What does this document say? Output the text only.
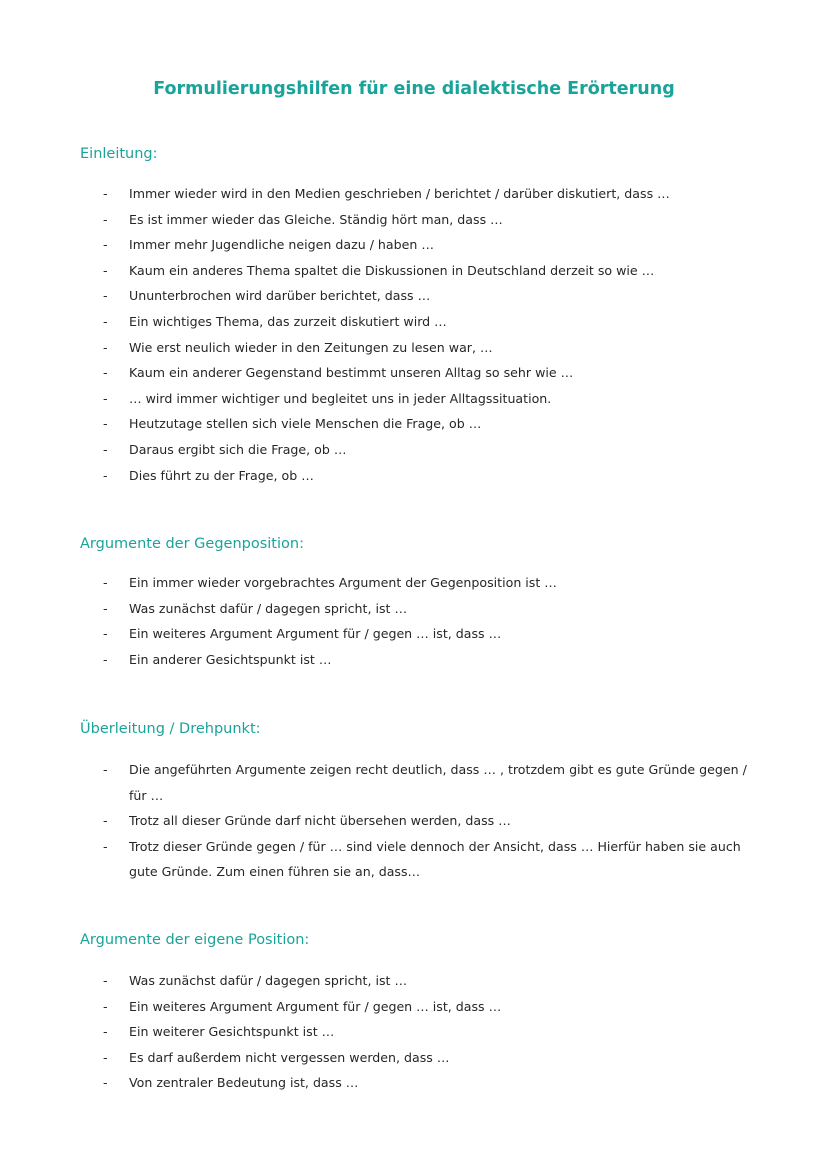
Formulierungshilfen für eine dialektische Erörterung
Einleitung:
- Immer wieder wird in den Medien geschrieben / berichtet / darüber diskutiert, dass …
- Es ist immer wieder das Gleiche. Ständig hört man, dass …
- Immer mehr Jugendliche neigen dazu / haben …
- Kaum ein anderes Thema spaltet die Diskussionen in Deutschland derzeit so wie …
- Ununterbrochen wird darüber berichtet, dass …
- Ein wichtiges Thema, das zurzeit diskutiert wird …
- Wie erst neulich wieder in den Zeitungen zu lesen war, …
- Kaum ein anderer Gegenstand bestimmt unseren Alltag so sehr wie …
- … wird immer wichtiger und begleitet uns in jeder Alltagssituation.
- Heutzutage stellen sich viele Menschen die Frage, ob …
- Daraus ergibt sich die Frage, ob …
- Dies führt zu der Frage, ob …
Argumente der Gegenposition:
- Ein immer wieder vorgebrachtes Argument der Gegenposition ist …
- Was zunächst dafür / dagegen spricht, ist …
- Ein weiteres Argument Argument für / gegen … ist, dass …
- Ein anderer Gesichtspunkt ist …
Überleitung / Drehpunkt:
- Die angeführten Argumente zeigen recht deutlich, dass … , trotzdem gibt es gute Gründe gegen / für …
- Trotz all dieser Gründe darf nicht übersehen werden, dass …
- Trotz dieser Gründe gegen / für … sind viele dennoch der Ansicht, dass … Hierfür haben sie auch gute Gründe. Zum einen führen sie an, dass…
Argumente der eigene Position:
- Was zunächst dafür / dagegen spricht, ist …
- Ein weiteres Argument Argument für / gegen … ist, dass …
- Ein weiterer Gesichtspunkt ist …
- Es darf außerdem nicht vergessen werden, dass …
- Von zentraler Bedeutung ist, dass …
